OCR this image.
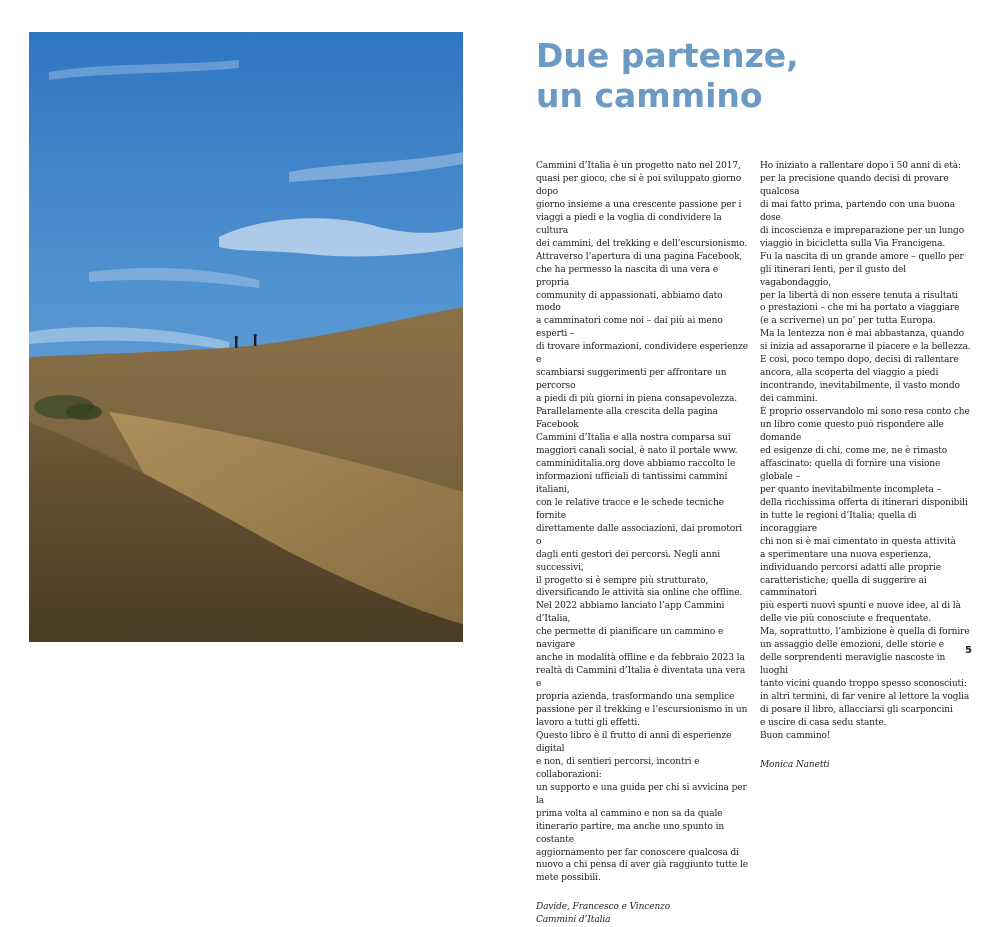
Due partenze,
un cammino

Cammini d’Italia è un progetto nato nel 2017,
quasi per gioco, che si è poi sviluppato giorno dopo
giorno insieme a una crescente passione per i
viaggi a piedi e la voglia di condividere la cultura
dei cammini, del trekking e dell’escursionismo.
Attraverso l’apertura di una pagina Facebook,
che ha permesso la nascita di una vera e propria
community di appassionati, abbiamo dato modo
a camminatori come noi – dai più ai meno esperti –
di trovare informazioni, condividere esperienze e
scambiarsi suggerimenti per affrontare un percorso
a piedi di più giorni in piena consapevolezza.
Parallelamente alla crescita della pagina Facebook
Cammini d’Italia e alla nostra comparsa sui
maggiori canali social, è nato il portale www.
camminiditalia.org dove abbiamo raccolto le
informazioni ufficiali di tantissimi cammini italiani,
con le relative tracce e le schede tecniche fornite
direttamente dalle associazioni, dai promotori o
dagli enti gestori dei percorsi. Negli anni successivi,
il progetto si è sempre più strutturato,
diversificando le attività sia online che offline.
Nel 2022 abbiamo lanciato l’app Cammini d’Italia,
che permette di pianificare un cammino e navigare
anche in modalità offline e da febbraio 2023 la
realtà di Cammini d’Italia è diventata una vera e
propria azienda, trasformando una semplice
passione per il trekking e l’escursionismo in un
lavoro a tutti gli effetti.
Questo libro è il frutto di anni di esperienze digital
e non, di sentieri percorsi, incontri e collaborazioni:
un supporto e una guida per chi si avvicina per la
prima volta al cammino e non sa da quale
itinerario partire, ma anche uno spunto in costante
aggiornamento per far conoscere qualcosa di
nuovo a chi pensa di aver già raggiunto tutte le
mete possibili.

Davide, Francesco e Vincenzo
Cammini d’Italia

Ho iniziato a rallentare dopo i 50 anni di età:
per la precisione quando decisi di provare qualcosa
di mai fatto prima, partendo con una buona dose
di incoscienza e impreparazione per un lungo
viaggio in bicicletta sulla Via Francigena.
Fu la nascita di un grande amore – quello per
gli itinerari lenti, per il gusto del vagabondaggio,
per la libertà di non essere tenuta a risultati
o prestazioni – che mi ha portato a viaggiare
(e a scriverne) un po’ per tutta Europa.
Ma la lentezza non è mai abbastanza, quando
si inizia ad assaporarne il piacere e la bellezza.
E così, poco tempo dopo, decisi di rallentare
ancora, alla scoperta del viaggio a piedi
incontrando, inevitabilmente, il vasto mondo
dei cammini.
È proprio osservandolo mi sono resa conto che
un libro come questo può rispondere alle domande
ed esigenze di chi, come me, ne è rimasto
affascinato: quella di fornire una visione globale –
per quanto inevitabilmente incompleta –
della ricchissima offerta di itinerari disponibili
in tutte le regioni d’Italia; quella di incoraggiare
chi non si è mai cimentato in questa attività
a sperimentare una nuova esperienza,
individuando percorsi adatti alle proprie
caratteristiche; quella di suggerire ai camminatori
più esperti nuovi spunti e nuove idee, al di là
delle vie più conosciute e frequentate.
Ma, soprattutto, l’ambizione è quella di fornire
un assaggio delle emozioni, delle storie e
delle sorprendenti meraviglie nascoste in luoghi
tanto vicini quando troppo spesso sconosciuti:
in altri termini, di far venire al lettore la voglia
di posare il libro, allacciarsi gli scarponcini
e uscire di casa sedu stante.
Buon cammino!

Monica Nanetti

5
